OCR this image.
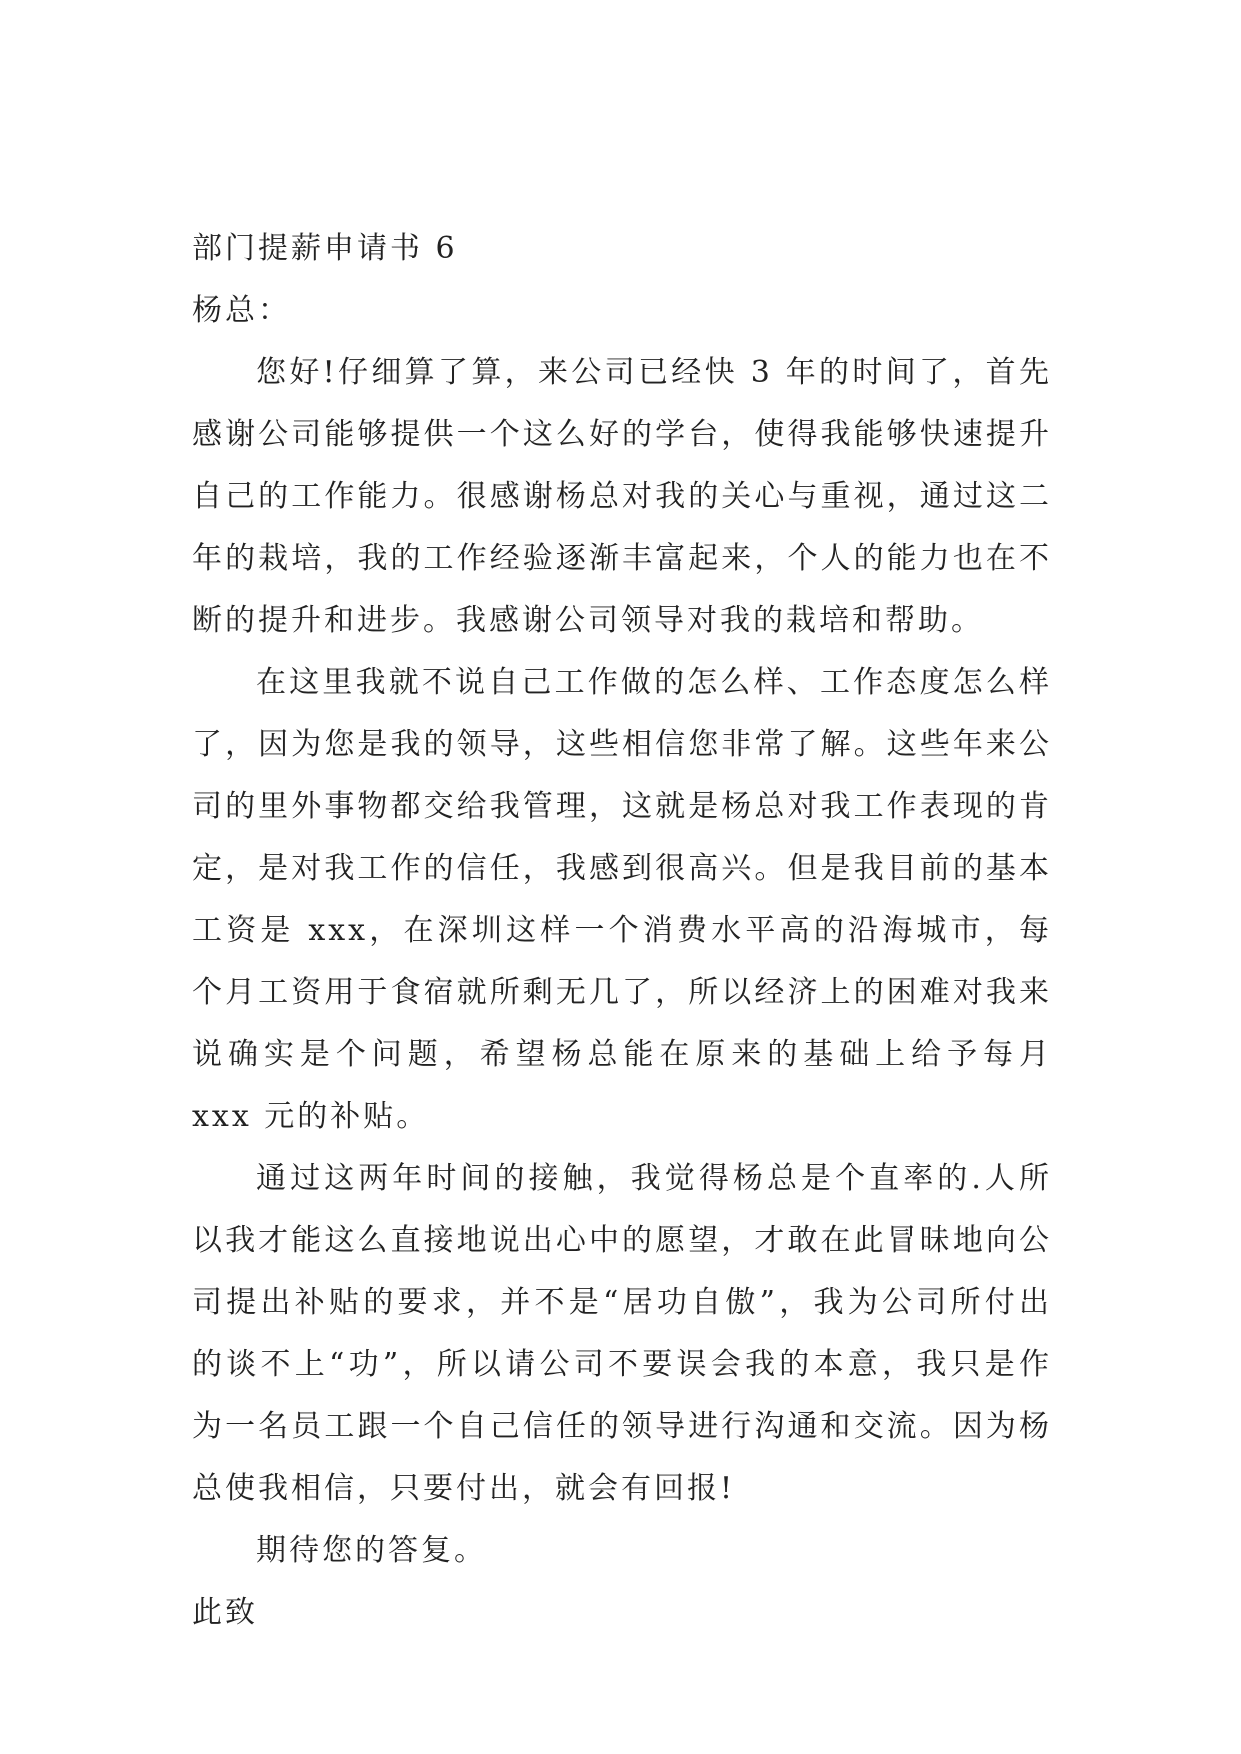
部门提薪申请书 6

杨总：

您好!仔细算了算，来公司已经快 3 年的时间了，首先感谢公司能够提供一个这么好的学台，使得我能够快速提升自己的工作能力。很感谢杨总对我的关心与重视，通过这二年的栽培，我的工作经验逐渐丰富起来，个人的能力也在不断的提升和进步。我感谢公司领导对我的栽培和帮助。

在这里我就不说自己工作做的怎么样、工作态度怎么样了，因为您是我的领导，这些相信您非常了解。这些年来公司的里外事物都交给我管理，这就是杨总对我工作表现的肯定，是对我工作的信任，我感到很高兴。但是我目前的基本工资是 xxx，在深圳这样一个消费水平高的沿海城市，每个月工资用于食宿就所剩无几了，所以经济上的困难对我来说确实是个问题，希望杨总能在原来的基础上给予每月 xxx 元的补贴。

通过这两年时间的接触，我觉得杨总是个直率的.人所以我才能这么直接地说出心中的愿望，才敢在此冒昧地向公司提出补贴的要求，并不是“居功自傲”，我为公司所付出的谈不上“功”，所以请公司不要误会我的本意，我只是作为一名员工跟一个自己信任的领导进行沟通和交流。因为杨总使我相信，只要付出，就会有回报!

期待您的答复。

此致
